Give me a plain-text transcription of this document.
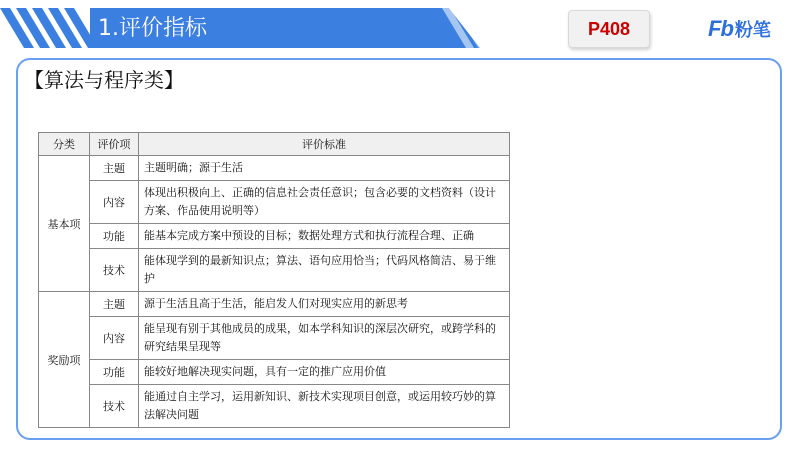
1.评价指标	P408	Fb 粉笔
【算法与程序类】
分类	评价项	评价标准
基本项	主题	主题明确；源于生活
	内容	体现出积极向上、正确的信息社会责任意识；包含必要的文档资料（设计方案、作品使用说明等）
	功能	能基本完成方案中预设的目标；数据处理方式和执行流程合理、正确
	技术	能体现学到的最新知识点；算法、语句应用恰当；代码风格简洁、易于维护
奖励项	主题	源于生活且高于生活，能启发人们对现实应用的新思考
	内容	能呈现有别于其他成员的成果，如本学科知识的深层次研究，或跨学科的研究结果呈现等
	功能	能较好地解决现实问题，具有一定的推广应用价值
	技术	能通过自主学习，运用新知识、新技术实现项目创意，或运用较巧妙的算法解决问题
